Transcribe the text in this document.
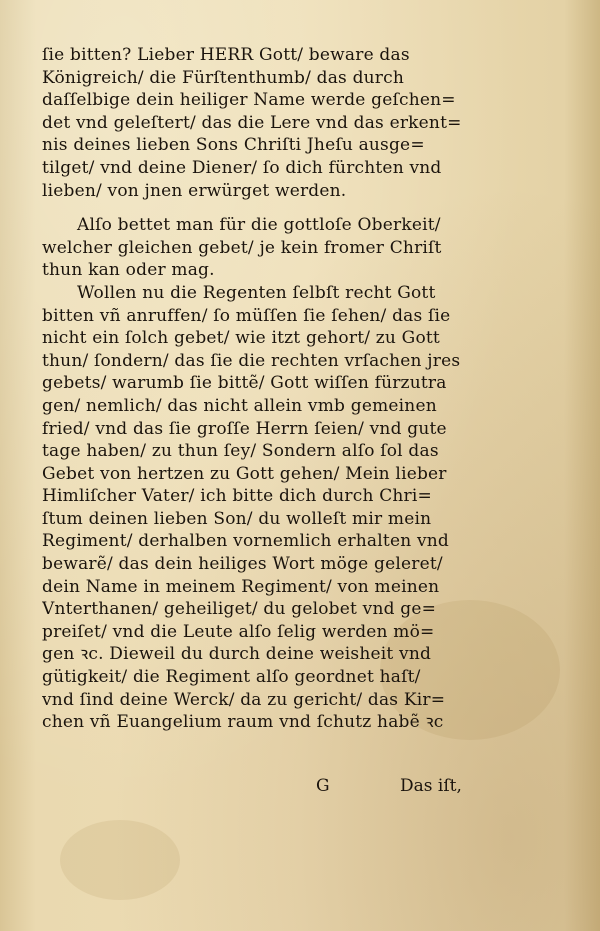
ſie bitten? Lieber HERR Gott/ beware das
Königreich/ die Fürſtenthumb/ das durch
daſſelbige dein heiliger Name werde geſchen=
det vnd geleſtert/ das die Lere vnd das erkent=
nis deines lieben Sons Chriſti Jheſu ausge=
tilget/ vnd deine Diener/ ſo dich fürchten vnd
lieben/ von jnen erwürget werden.
Alſo bettet man für die gottloſe Oberkeit/
welcher gleichen gebet/ je kein fromer Chriſt
thun kan oder mag.
Wollen nu die Regenten ſelbſt recht Gott
bitten vñ anruffen/ ſo müſſen ſie ſehen/ das ſie
nicht ein ſolch gebet/ wie itzt gehort/ zu Gott
thun/ ſondern/ das ſie die rechten vrſachen jres
gebets/ warumb ſie bittẽ/ Gott wiſſen fürzutra
gen/ nemlich/ das nicht allein vmb gemeinen
fried/ vnd das ſie groſſe Herrn ſeien/ vnd gute
tage haben/ zu thun ſey/ Sondern alſo ſol das
Gebet von hertzen zu Gott gehen/ Mein lieber
Himliſcher Vater/ ich bitte dich durch Chri=
ſtum deinen lieben Son/ du wolleſt mir mein
Regiment/ derhalben vornemlich erhalten vnd
bewarẽ/ das dein heiliges Wort möge geleret/
dein Name in meinem Regiment/ von meinen
Vnterthanen/ geheiliget/ du gelobet vnd ge=
preiſet/ vnd die Leute alſo ſelig werden mö=
gen ꝛc. Dieweil du durch deine weisheit vnd
gütigkeit/ die Regiment alſo geordnet haſt/
vnd ſind deine Werck/ da zu gericht/ das Kir=
chen vñ Euangelium raum vnd ſchutz habẽ ꝛc
G	Das iſt,
